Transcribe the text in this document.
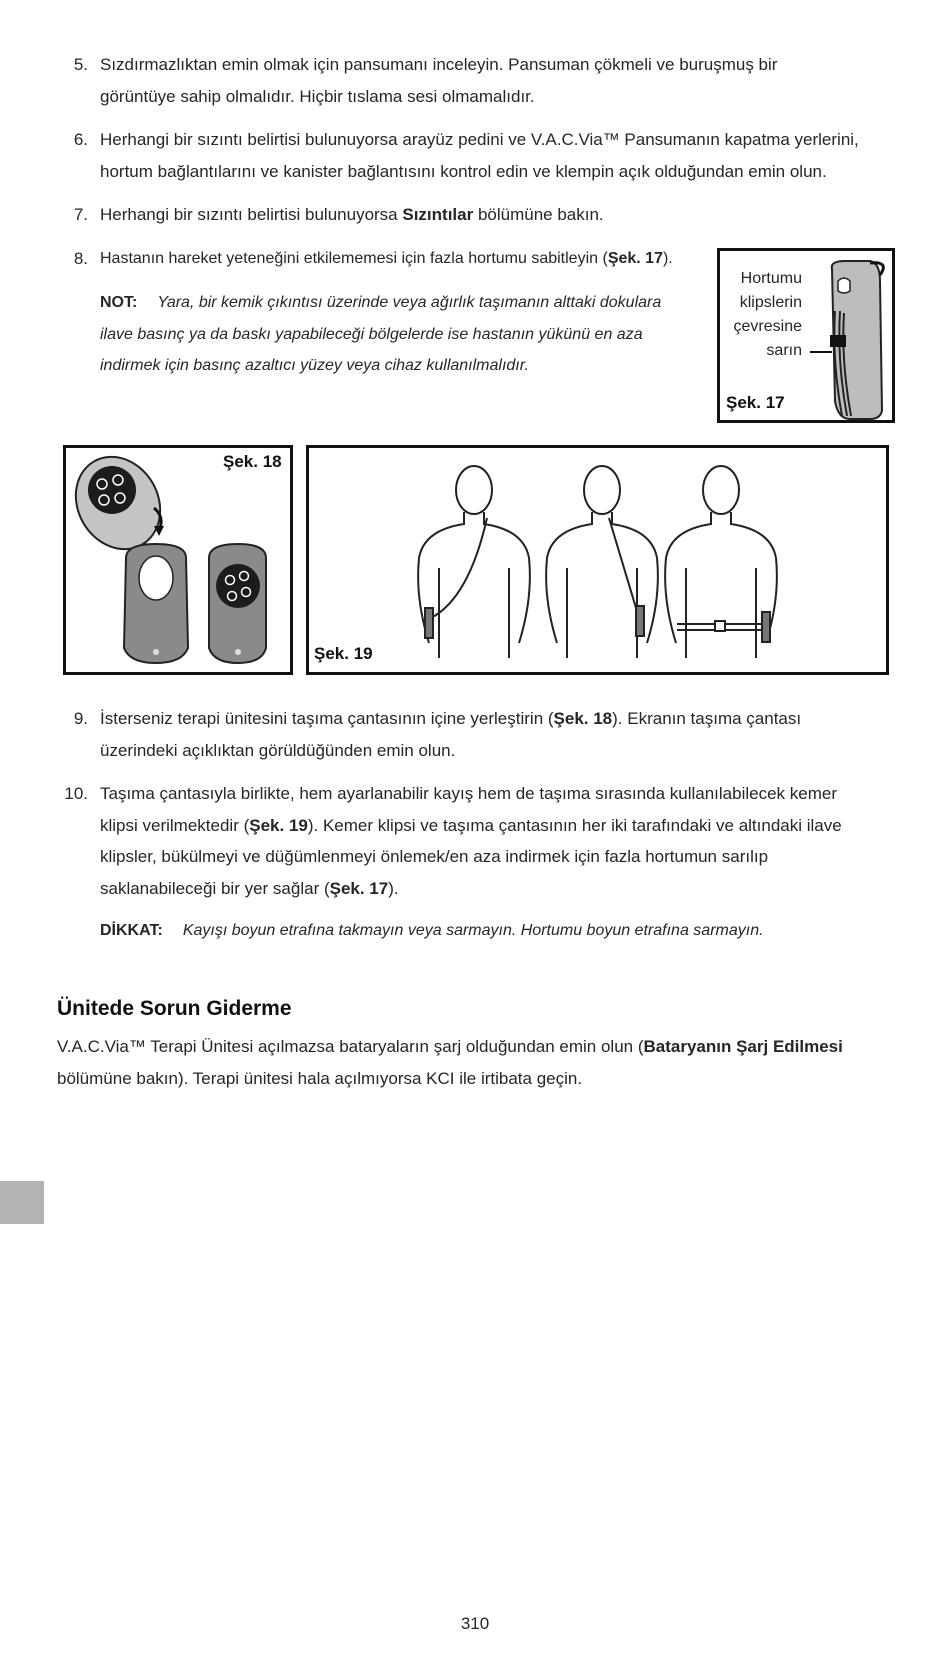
5. Sızdırmazlıktan emin olmak için pansumanı inceleyin. Pansuman çökmeli ve buruşmuş bir görüntüye sahip olmalıdır. Hiçbir tıslama sesi olmamalıdır.

6. Herhangi bir sızıntı belirtisi bulunuyorsa arayüz pedini ve V.A.C.Via™ Pansumanın kapatma yerlerini, hortum bağlantılarını ve kanister bağlantısını kontrol edin ve klempin açık olduğundan emin olun.

7. Herhangi bir sızıntı belirtisi bulunuyorsa Sızıntılar bölümüne bakın.

8. Hastanın hareket yeteneğini etkilememesi için fazla hortumu sabitleyin (Şek. 17).

NOT: Yara, bir kemik çıkıntısı üzerinde veya ağırlık taşımanın alttaki dokulara ilave basınç ya da baskı yapabileceği bölgelerde ise hastanın yükünü en aza indirmek için basınç azaltıcı yüzey veya cihaz kullanılmalıdır.
Hortumu
klipslerin
çevresine
sarın
Şek. 17
Şek. 18
Şek. 19
9. İsterseniz terapi ünitesini taşıma çantasının içine yerleştirin (Şek. 18). Ekranın taşıma çantası üzerindeki açıklıktan görüldüğünden emin olun.

10. Taşıma çantasıyla birlikte, hem ayarlanabilir kayış hem de taşıma sırasında kullanılabilecek kemer klipsi verilmektedir (Şek. 19). Kemer klipsi ve taşıma çantasının her iki tarafındaki ve altındaki ilave klipsler, bükülmeyi ve düğümlenmeyi önlemek/en aza indirmek için fazla hortumun sarılıp saklanabileceği bir yer sağlar (Şek. 17).

DİKKAT: Kayışı boyun etrafına takmayın veya sarmayın. Hortumu boyun etrafına sarmayın.
Ünitede Sorun Giderme

V.A.C.Via™ Terapi Ünitesi açılmazsa bataryaların şarj olduğundan emin olun (Bataryanın Şarj Edilmesi bölümüne bakın). Terapi ünitesi hala açılmıyorsa KCI ile irtibata geçin.

310
